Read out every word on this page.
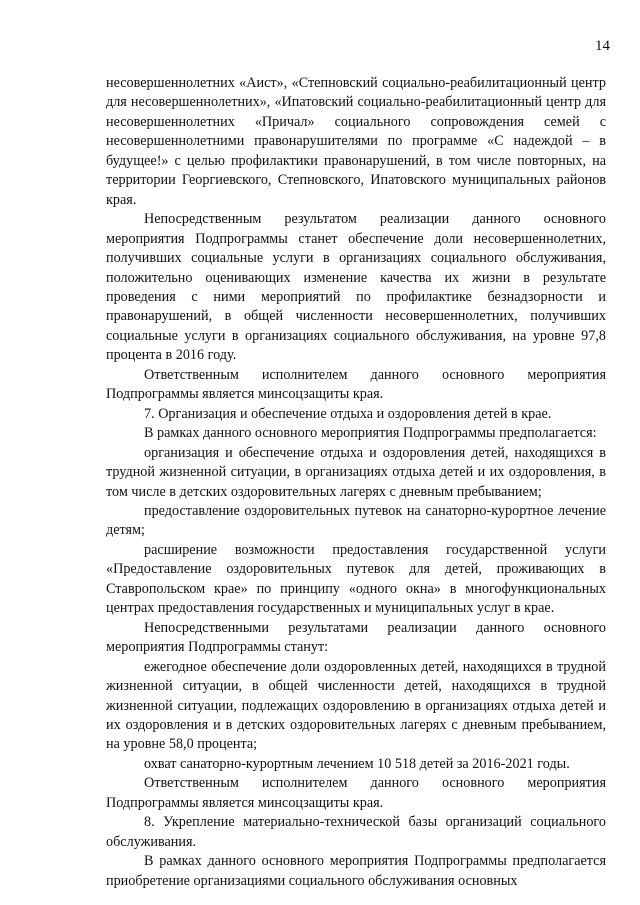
14

несовершеннолетних «Аист», «Степновский социально-реабилитационный центр для несовершеннолетних», «Ипатовский социально-реабилитационный центр для несовершеннолетних «Причал» социального сопровождения семей с несовершеннолетними правонарушителями по программе «С надеждой – в будущее!» с целью профилактики правонарушений, в том числе повторных, на территории Георгиевского, Степновского, Ипатовского муниципальных районов края.

Непосредственным результатом реализации данного основного мероприятия Подпрограммы станет обеспечение доли несовершеннолетних, получивших социальные услуги в организациях социального обслуживания, положительно оценивающих изменение качества их жизни в результате проведения с ними мероприятий по профилактике безнадзорности и правонарушений, в общей численности несовершеннолетних, получивших социальные услуги в организациях социального обслуживания, на уровне 97,8 процента в 2016 году.

Ответственным исполнителем данного основного мероприятия Подпрограммы является минсоцзащиты края.

7. Организация и обеспечение отдыха и оздоровления детей в крае.

В рамках данного основного мероприятия Подпрограммы предполагается:

организация и обеспечение отдыха и оздоровления детей, находящихся в трудной жизненной ситуации, в организациях отдыха детей и их оздоровления, в том числе в детских оздоровительных лагерях с дневным пребыванием;

предоставление оздоровительных путевок на санаторно-курортное лечение детям;

расширение возможности предоставления государственной услуги «Предоставление оздоровительных путевок для детей, проживающих в Ставропольском крае» по принципу «одного окна» в многофункциональных центрах предоставления государственных и муниципальных услуг в крае.

Непосредственными результатами реализации данного основного мероприятия Подпрограммы станут:

ежегодное обеспечение доли оздоровленных детей, находящихся в трудной жизненной ситуации, в общей численности детей, находящихся в трудной жизненной ситуации, подлежащих оздоровлению в организациях отдыха детей и их оздоровления и в детских оздоровительных лагерях с дневным пребыванием, на уровне 58,0 процента;

охват санаторно-курортным лечением 10 518 детей за 2016-2021 годы.

Ответственным исполнителем данного основного мероприятия Подпрограммы является минсоцзащиты края.

8. Укрепление материально-технической базы организаций социального обслуживания.

В рамках данного основного мероприятия Подпрограммы предполагается приобретение организациями социального обслуживания основных
